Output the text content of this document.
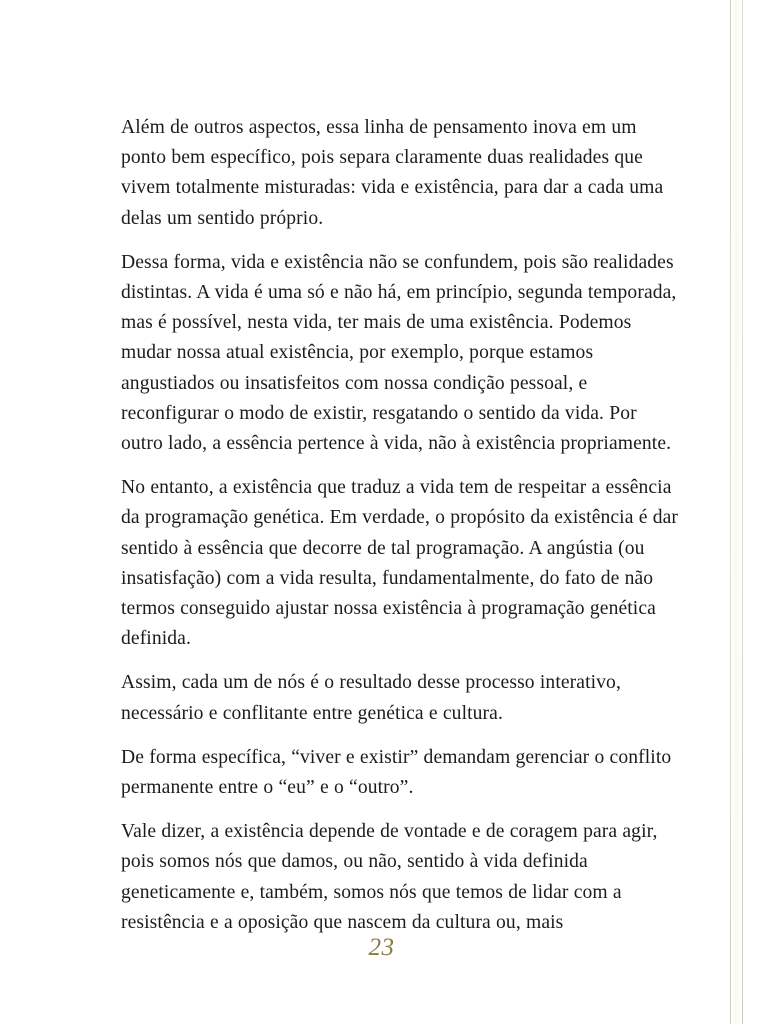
Além de outros aspectos, essa linha de pensamento inova em um ponto bem específico, pois separa claramente duas realidades que vivem totalmente misturadas: vida e existência, para dar a cada uma delas um sentido próprio.

Dessa forma, vida e existência não se confundem, pois são realidades distintas. A vida é uma só e não há, em princípio, segunda temporada, mas é possível, nesta vida, ter mais de uma existência. Podemos mudar nossa atual existência, por exemplo, porque estamos angustiados ou insatisfeitos com nossa condição pessoal, e reconfigurar o modo de existir, resgatando o sentido da vida. Por outro lado, a essência pertence à vida, não à existência propriamente.

No entanto, a existência que traduz a vida tem de respeitar a essência da programação genética. Em verdade, o propósito da existência é dar sentido à essência que decorre de tal programação. A angústia (ou insatisfação) com a vida resulta, fundamentalmente, do fato de não termos conseguido ajustar nossa existência à programação genética definida.

Assim, cada um de nós é o resultado desse processo interativo, necessário e conflitante entre genética e cultura.

De forma específica, “viver e existir” demandam gerenciar o conflito permanente entre o “eu” e o “outro”.

Vale dizer, a existência depende de vontade e de coragem para agir, pois somos nós que damos, ou não, sentido à vida definida geneticamente e, também, somos nós que temos de lidar com a resistência e a oposição que nascem da cultura ou, mais

23
